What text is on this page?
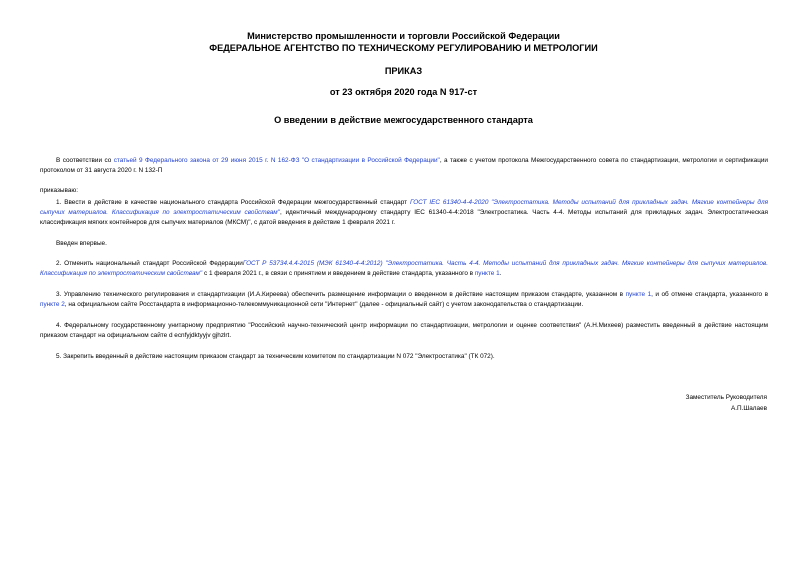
Министерство промышленности и торговли Российской Федерации
ФЕДЕРАЛЬНОЕ АГЕНТСТВО ПО ТЕХНИЧЕСКОМУ РЕГУЛИРОВАНИЮ И МЕТРОЛОГИИ
ПРИКАЗ
от 23 октября 2020 года N 917-ст
О введении в действие межгосударственного стандарта
В соответствии со статьей 9 Федерального закона от 29 июня 2015 г. N 162-ФЗ "О стандартизации в Российской Федерации", а также с учетом протокола Межгосударственного совета по стандартизации, метрологии и сертификации протоколом от 31 августа 2020 г. N 132-П
приказываю:
1. Ввести в действие в качестве национального стандарта Российской Федерации межгосударственный стандарт ГОСТ IEC 61340-4-4-2020 "Электростатика. Методы испытаний для прикладных задач. Мягкие контейнеры для сыпучих материалов. Классификация по электростатическим свойствам", идентичный международному стандарту IEC 61340-4-4:2018 "Электростатика. Часть 4-4. Методы испытаний для прикладных задач. Электростатическая классификация мягких контейнеров для сыпучих материалов (МКСМ)", с датой введения в действие 1 февраля 2021 г.
Введен впервые.
2. Отменить национальный стандарт Российской ФедерацииГОСТ Р 53734.4.4-2015 (МЭК 61340-4-4:2012) "Электростатика. Часть 4-4. Методы испытаний для прикладных задач. Мягкие контейнеры для сыпучих материалов. Классификация по электростатическим свойствам" с 1 февраля 2021 г., в связи с принятием и введением в действие стандарта, указанного в пункте 1.
3. Управлению технического регулирования и стандартизации (И.А.Киреева) обеспечить размещение информации о введенном в действие настоящим приказом стандарте, указанном в пункте 1, и об отмене стандарта, указанного в пункте 2, на официальном сайте Росстандарта в информационно-телекоммуникационной сети "Интернет" (далее - официальный сайт) с учетом законодательства о стандартизации.
4. Федеральному государственному унитарному предприятию "Российский научно-технический центр информации по стандартизации, метрологии и оценке соответствия" (А.Н.Михеев) разместить введенный в действие настоящим приказом стандарт на официальном сайте d ecnfyjdktyyjv gjhzlrt.
5. Закрепить введенный в действие настоящим приказом стандарт за техническим комитетом по стандартизации N 072 "Электростатика" (ТК 072).
Заместитель Руководителя
А.П.Шалаев
